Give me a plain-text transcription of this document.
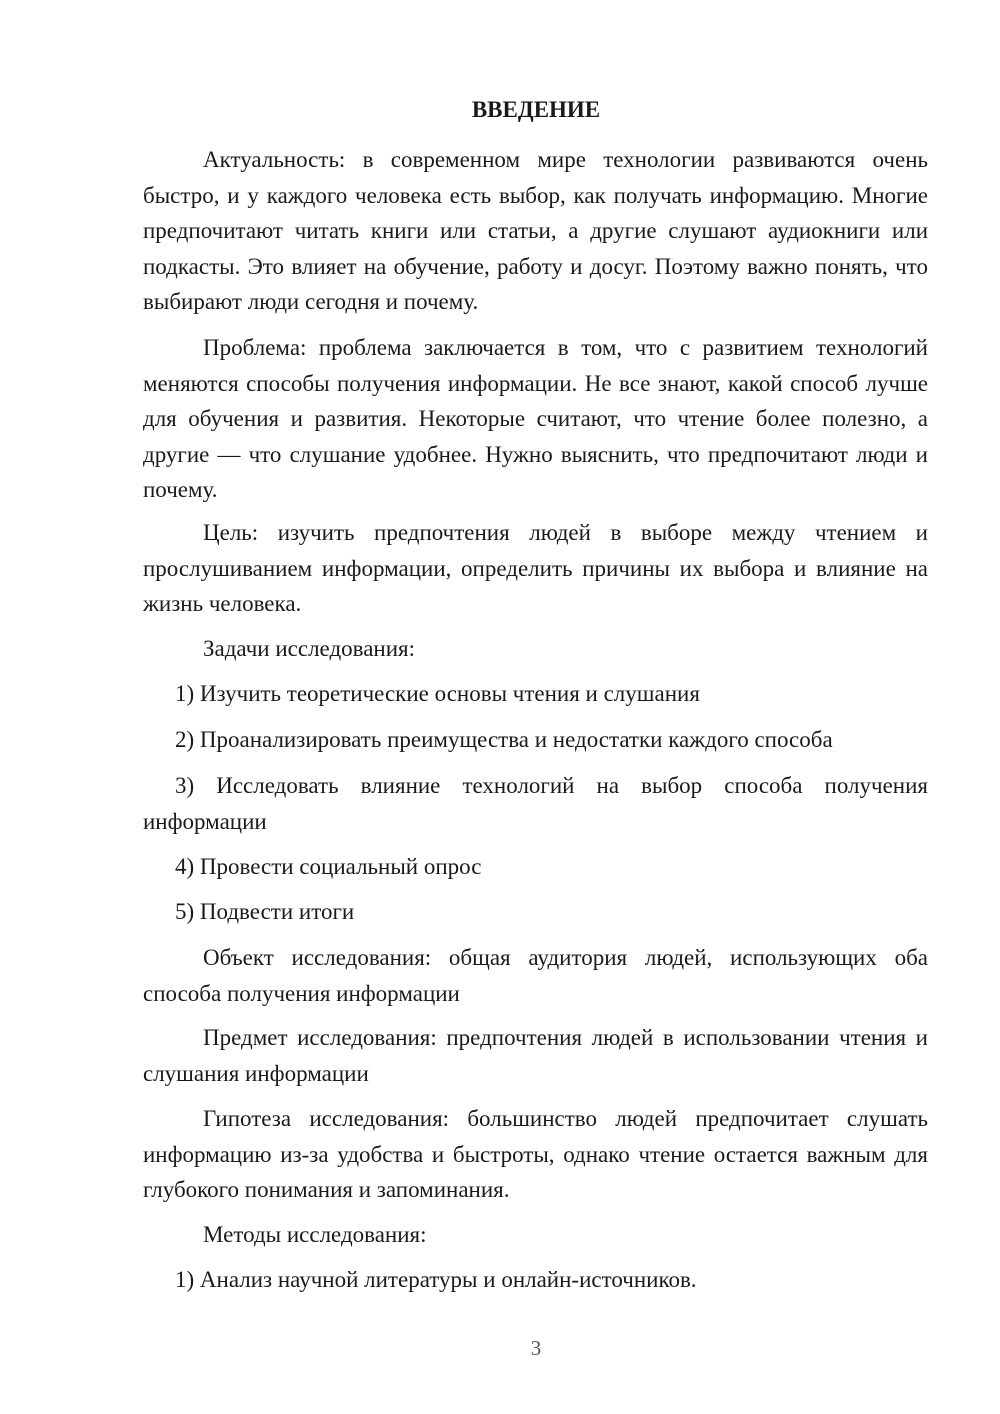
ВВЕДЕНИЕ

Актуальность: в современном мире технологии развиваются очень быстро, и у каждого человека есть выбор, как получать информацию. Многие предпочитают читать книги или статьи, а другие слушают аудиокниги или подкасты. Это влияет на обучение, работу и досуг. Поэтому важно понять, что выбирают люди сегодня и почему.

Проблема: проблема заключается в том, что с развитием технологий меняются способы получения информации. Не все знают, какой способ лучше для обучения и развития. Некоторые считают, что чтение более полезно, а другие — что слушание удобнее. Нужно выяснить, что предпочитают люди и почему.

Цель: изучить предпочтения людей в выборе между чтением и прослушиванием информации, определить причины их выбора и влияние на жизнь человека.

Задачи исследования:

1) Изучить теоретические основы чтения и слушания

2) Проанализировать преимущества и недостатки каждого способа

3) Исследовать влияние технологий на выбор способа получения информации

4) Провести социальный опрос

5) Подвести итоги

Объект исследования: общая аудитория людей, использующих оба способа получения информации

Предмет исследования: предпочтения людей в использовании чтения и слушания информации

Гипотеза исследования: большинство людей предпочитает слушать информацию из-за удобства и быстроты, однако чтение остается важным для глубокого понимания и запоминания.

Методы исследования:

1) Анализ научной литературы и онлайн-источников.

3
